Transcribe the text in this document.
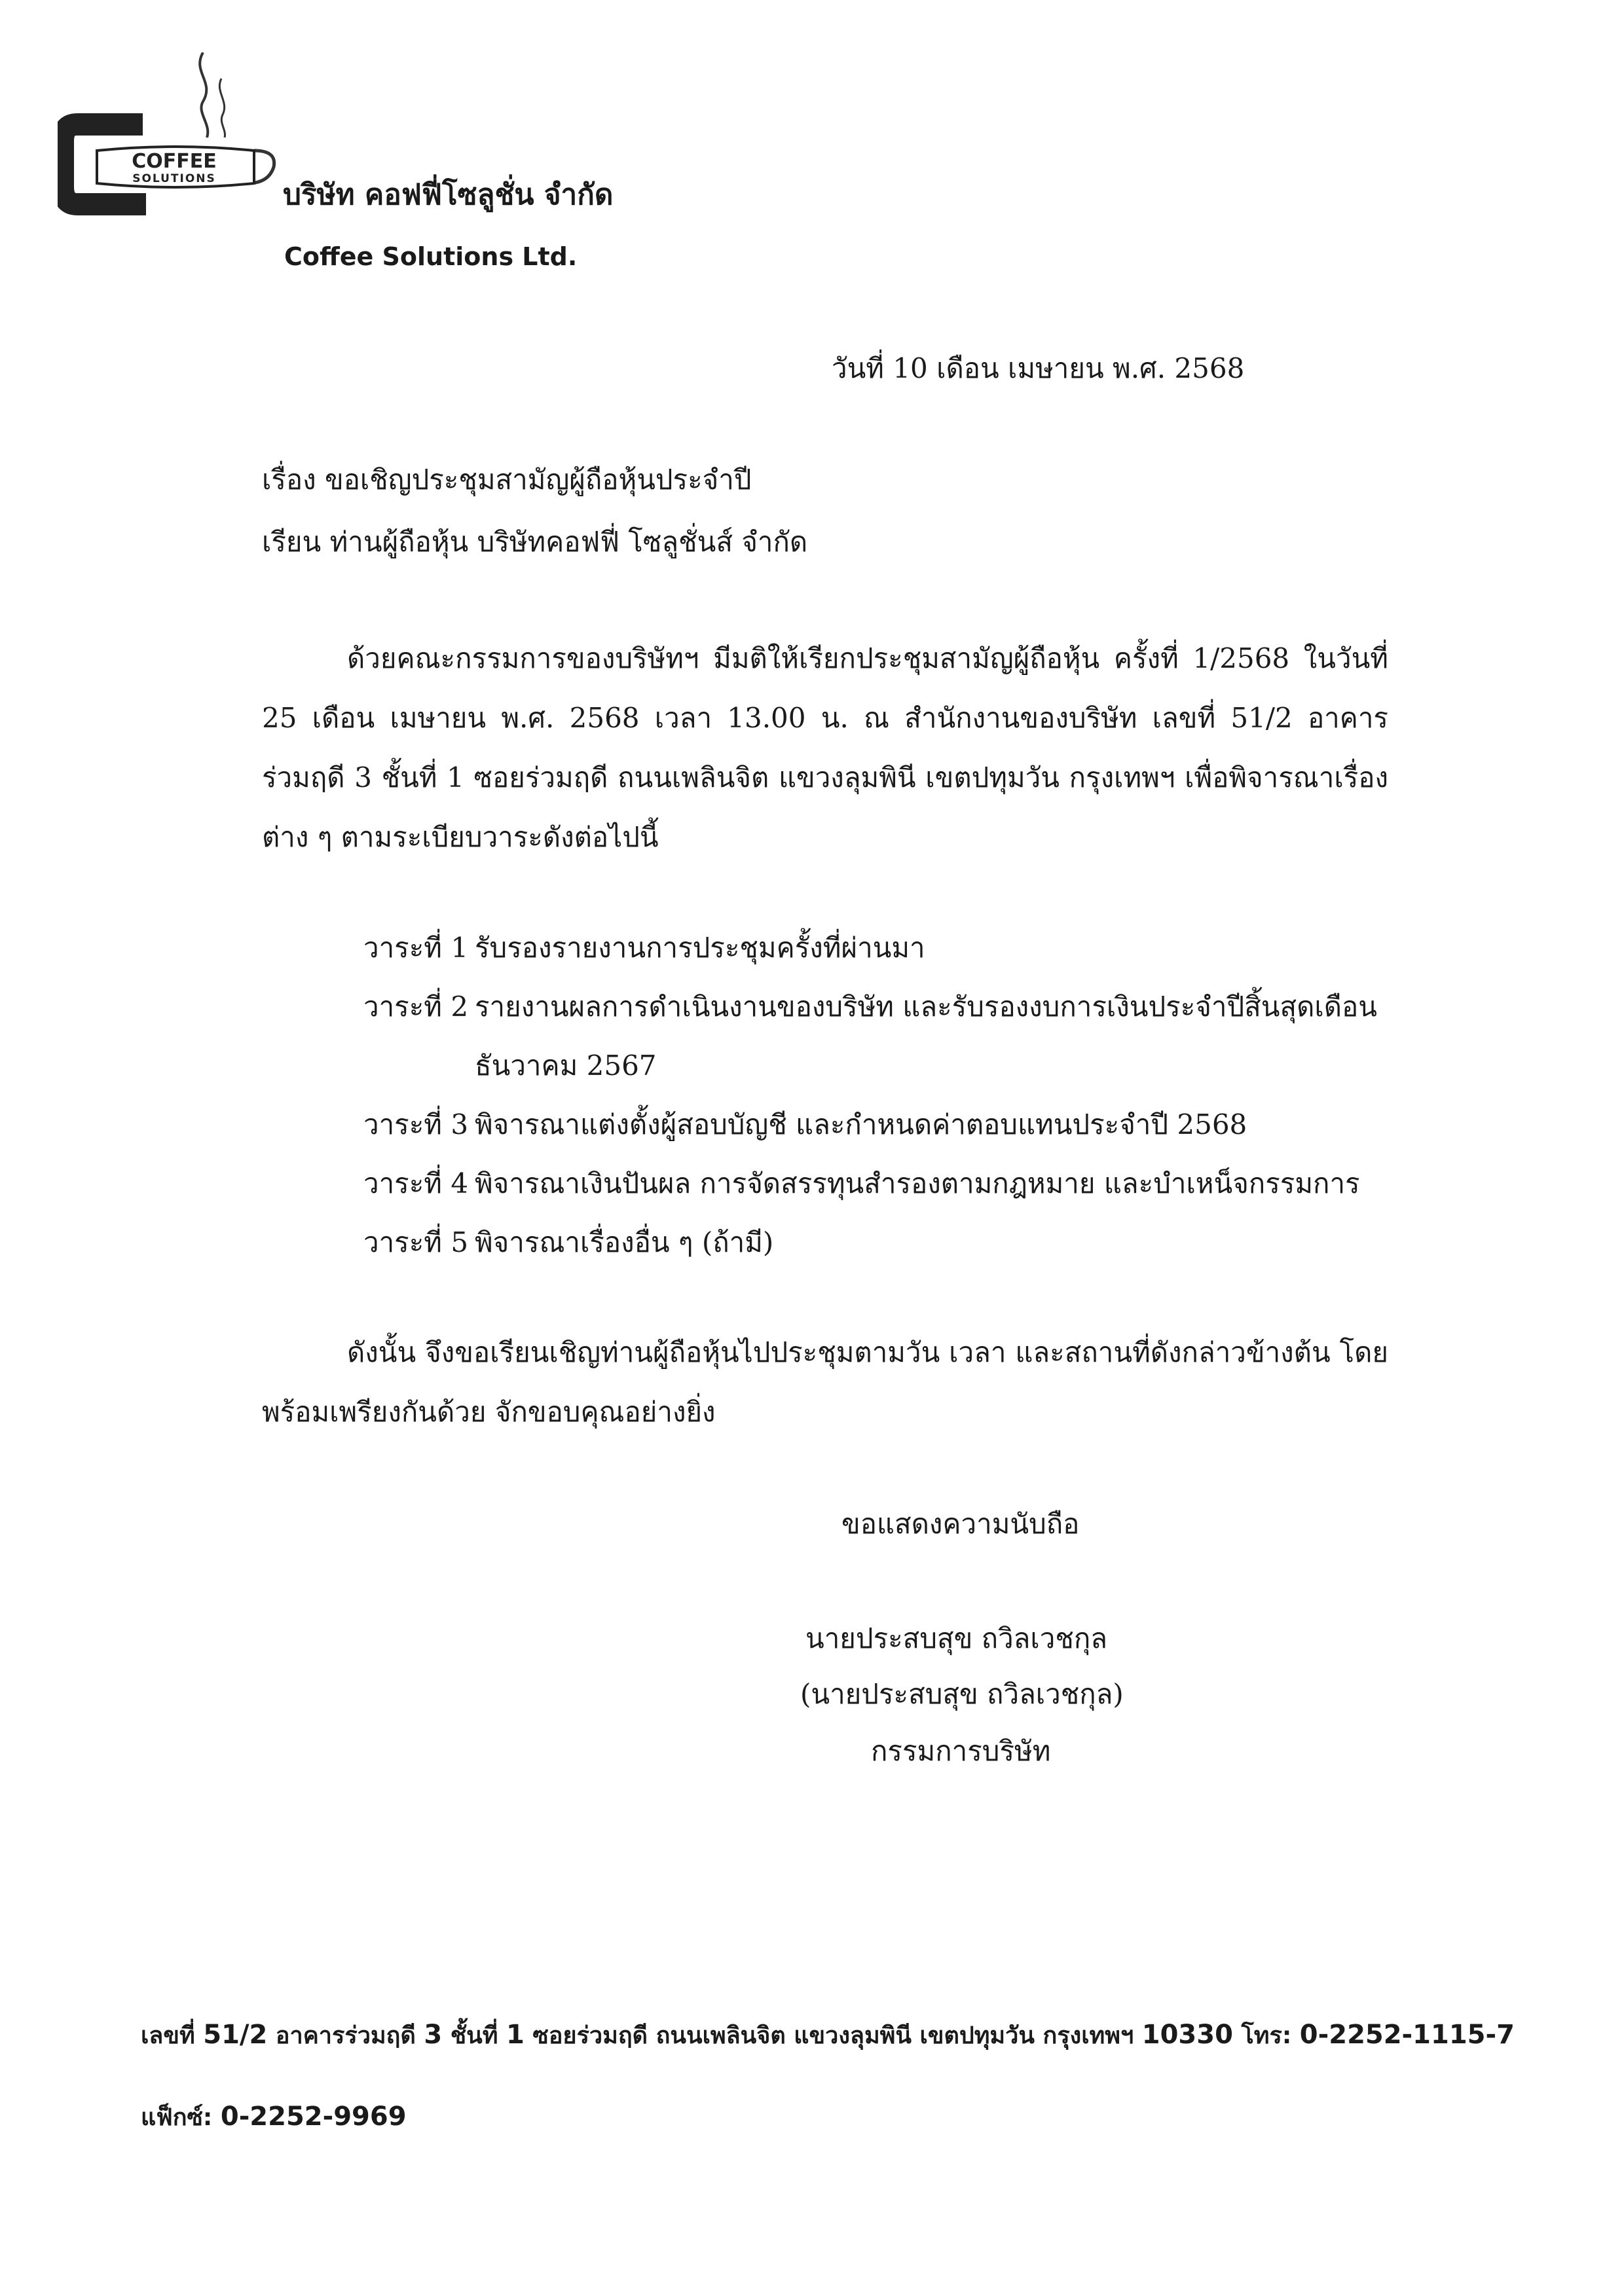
COFFEE
SOLUTIONS บริษัท คอฟฟี่โซลูชั่น จำกัด
Coffee Solutions Ltd.
วันที่ 10 เดือน เมษายน พ.ศ. 2568
เรื่อง ขอเชิญประชุมสามัญผู้ถือหุ้นประจำปี
เรียน ท่านผู้ถือหุ้น บริษัทคอฟฟี่ โซลูชั่นส์ จำกัด
ด้วยคณะกรรมการของบริษัทฯ มีมติให้เรียกประชุมสามัญผู้ถือหุ้น ครั้งที่ 1/2568 ในวันที่ 25 เดือน เมษายน พ.ศ. 2568 เวลา 13.00 น. ณ สำนักงานของบริษัท เลขที่ 51/2 อาคารร่วมฤดี 3 ชั้นที่ 1 ซอยร่วมฤดี ถนนเพลินจิต แขวงลุมพินี เขตปทุมวัน กรุงเทพฯ เพื่อพิจารณาเรื่องต่าง ๆ ตามระเบียบวาระดังต่อไปนี้
วาระที่ 1 รับรองรายงานการประชุมครั้งที่ผ่านมา
วาระที่ 2 รายงานผลการดำเนินงานของบริษัท และรับรองงบการเงินประจำปีสิ้นสุดเดือน
ธันวาคม 2567
วาระที่ 3 พิจารณาแต่งตั้งผู้สอบบัญชี และกำหนดค่าตอบแทนประจำปี 2568
วาระที่ 4 พิจารณาเงินปันผล การจัดสรรทุนสำรองตามกฎหมาย และบำเหน็จกรรมการ
วาระที่ 5 พิจารณาเรื่องอื่น ๆ (ถ้ามี)
ดังนั้น จึงขอเรียนเชิญท่านผู้ถือหุ้นไปประชุมตามวัน เวลา และสถานที่ดังกล่าวข้างต้น โดยพร้อมเพรียงกันด้วย จักขอบคุณอย่างยิ่ง
ขอแสดงความนับถือ
นายประสบสุข ถวิลเวชกุล
(นายประสบสุข ถวิลเวชกุล)
กรรมการบริษัท
เลขที่ 51/2 อาคารร่วมฤดี 3 ชั้นที่ 1 ซอยร่วมฤดี ถนนเพลินจิต แขวงลุมพินี เขตปทุมวัน กรุงเทพฯ 10330 โทร: 0-2252-1115-7
แฟ็กซ์: 0-2252-9969
